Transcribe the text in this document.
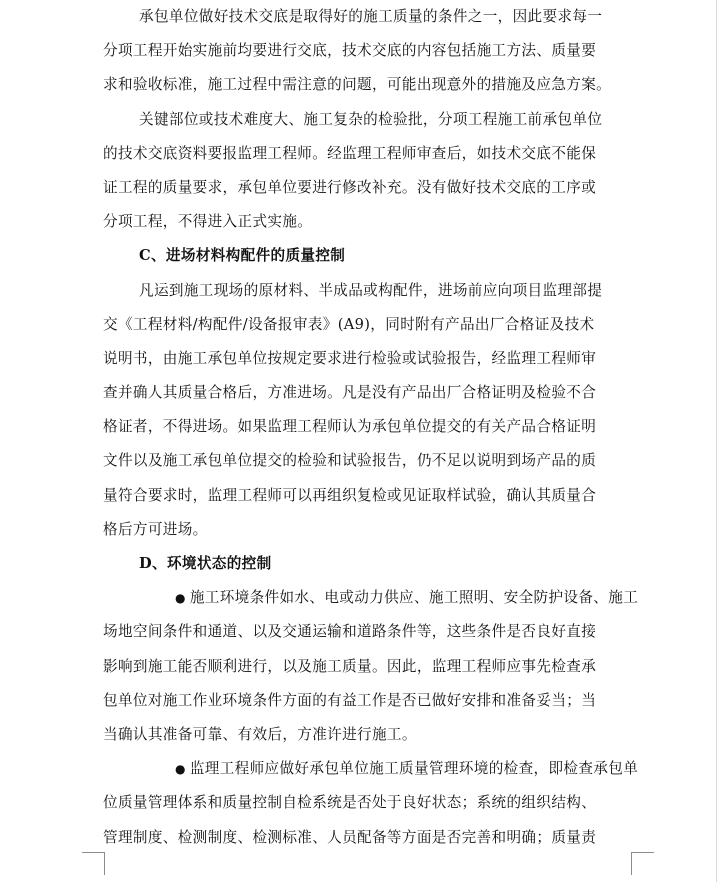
承包单位做好技术交底是取得好的施工质量的条件之一，因此要求每一
分项工程开始实施前均要进行交底，技术交底的内容包括施工方法、质量要
求和验收标准，施工过程中需注意的问题，可能出现意外的措施及应急方案。
关键部位或技术难度大、施工复杂的检验批，分项工程施工前承包单位
的技术交底资料要报监理工程师。经监理工程师审查后，如技术交底不能保
证工程的质量要求，承包单位要进行修改补充。没有做好技术交底的工序或
分项工程，不得进入正式实施。
C、进场材料构配件的质量控制
凡运到施工现场的原材料、半成品或构配件，进场前应向项目监理部提
交《工程材料/构配件/设备报审表》(A9)，同时附有产品出厂合格证及技术
说明书，由施工承包单位按规定要求进行检验或试验报告，经监理工程师审
查并确人其质量合格后，方准进场。凡是没有产品出厂合格证明及检验不合
格证者，不得进场。如果监理工程师认为承包单位提交的有关产品合格证明
文件以及施工承包单位提交的检验和试验报告，仍不足以说明到场产品的质
量符合要求时，监理工程师可以再组织复检或见证取样试验，确认其质量合
格后方可进场。
D、环境状态的控制
● 施工环境条件如水、电或动力供应、施工照明、安全防护设备、施工
场地空间条件和通道、以及交通运输和道路条件等，这些条件是否良好直接
影响到施工能否顺利进行，以及施工质量。因此，监理工程师应事先检查承
包单位对施工作业环境条件方面的有益工作是否已做好安排和准备妥当；当
当确认其准备可靠、有效后，方准许进行施工。
● 监理工程师应做好承包单位施工质量管理环境的检查，即检查承包单
位质量管理体系和质量控制自检系统是否处于良好状态；系统的组织结构、
管理制度、检测制度、检测标准、人员配备等方面是否完善和明确；质量责
